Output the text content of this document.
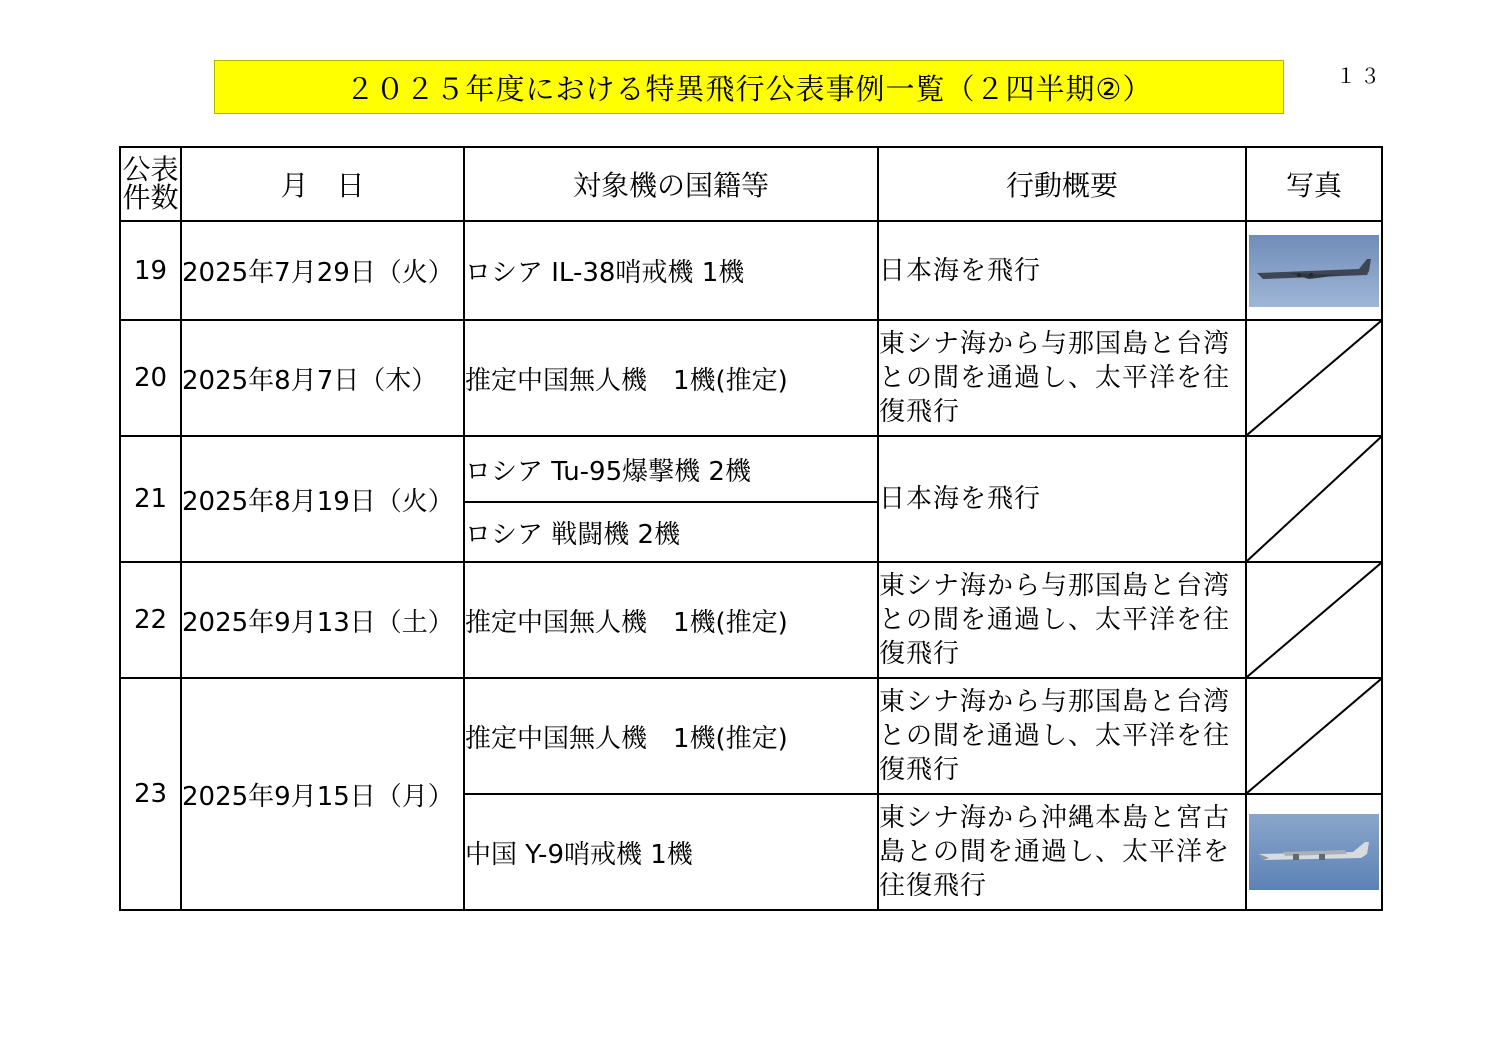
１３
２０２５年度における特異飛行公表事例一覧（２四半期②）
公表件数	月　日	対象機の国籍等	行動概要	写真
19	2025年7月29日（火）	ロシア IL-38哨戒機 1機	日本海を飛行	

20	2025年8月7日（木）	推定中国無人機　1機(推定)	東シナ海から与那国島と台湾との間を通過し、太平洋を往復飛行	

21	2025年8月19日（火）	ロシア Tu-95爆撃機 2機	日本海を飛行	

		ロシア 戦闘機 2機		
22	2025年9月13日（土）	推定中国無人機　1機(推定)	東シナ海から与那国島と台湾との間を通過し、太平洋を往復飛行	

23	2025年9月15日（月）	推定中国無人機　1機(推定)	東シナ海から与那国島と台湾との間を通過し、太平洋を往復飛行	

		中国 Y-9哨戒機 1機	東シナ海から沖縄本島と宮古島との間を通過し、太平洋を往復飛行	
